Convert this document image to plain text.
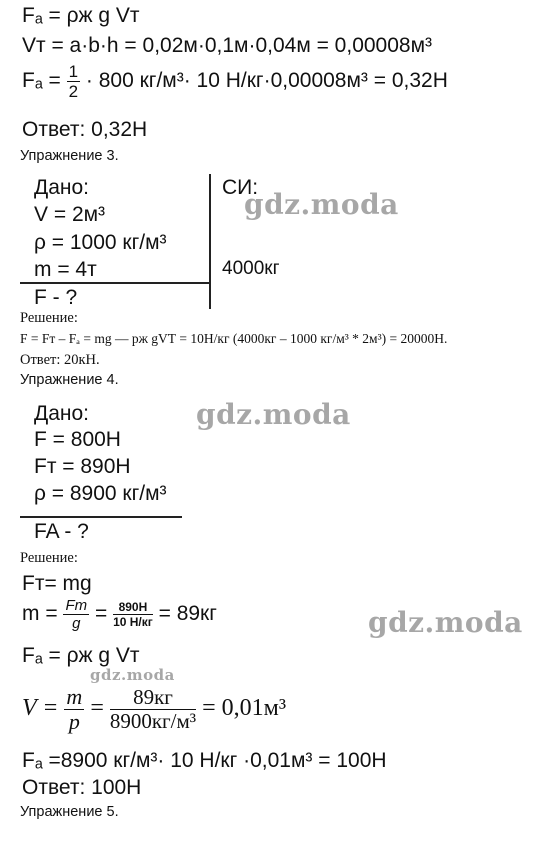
Fₐ = ρж g Vт
Vт = a·b·h = 0,02м·0,1м·0,04м = 0,00008м³
$F_a = \frac{1}{2} \cdot 800$ кг/м³· 10 Н/кг·0,00008м³ = 0,32Н
Ответ: 0,32Н
Упражнение 3.
Дано:
V = 2м³
ρ = 1000 кг/м³
m = 4т
F - ?
СИ:
4000кг
Решение:
F = Fт – Fₐ = mg — pж gVТ = 10Н/кг (4000кг – 1000 кг/м³ * 2м³) = 20000Н.
Ответ: 20кН.
Упражнение 4.
Дано:
F = 800Н
Fт = 890Н
ρ = 8900 кг/м³
FA - ?
Решение:
Fт= mg
$m = \frac{Fт}{g} = \frac{890Н}{10 Н/кг} = 89кг$
Fₐ = ρж g Vт
$V = \frac{m}{p} = \frac{89кг}{\text{8900кг/м³}} = 0,01м^3$
Fₐ =8900 кг/м³· 10 Н/кг ·0,01м³ = 100Н
Ответ: 100Н
Упражнение 5.
gdz.moda
gdz.moda
gdz.moda
gdz.moda
